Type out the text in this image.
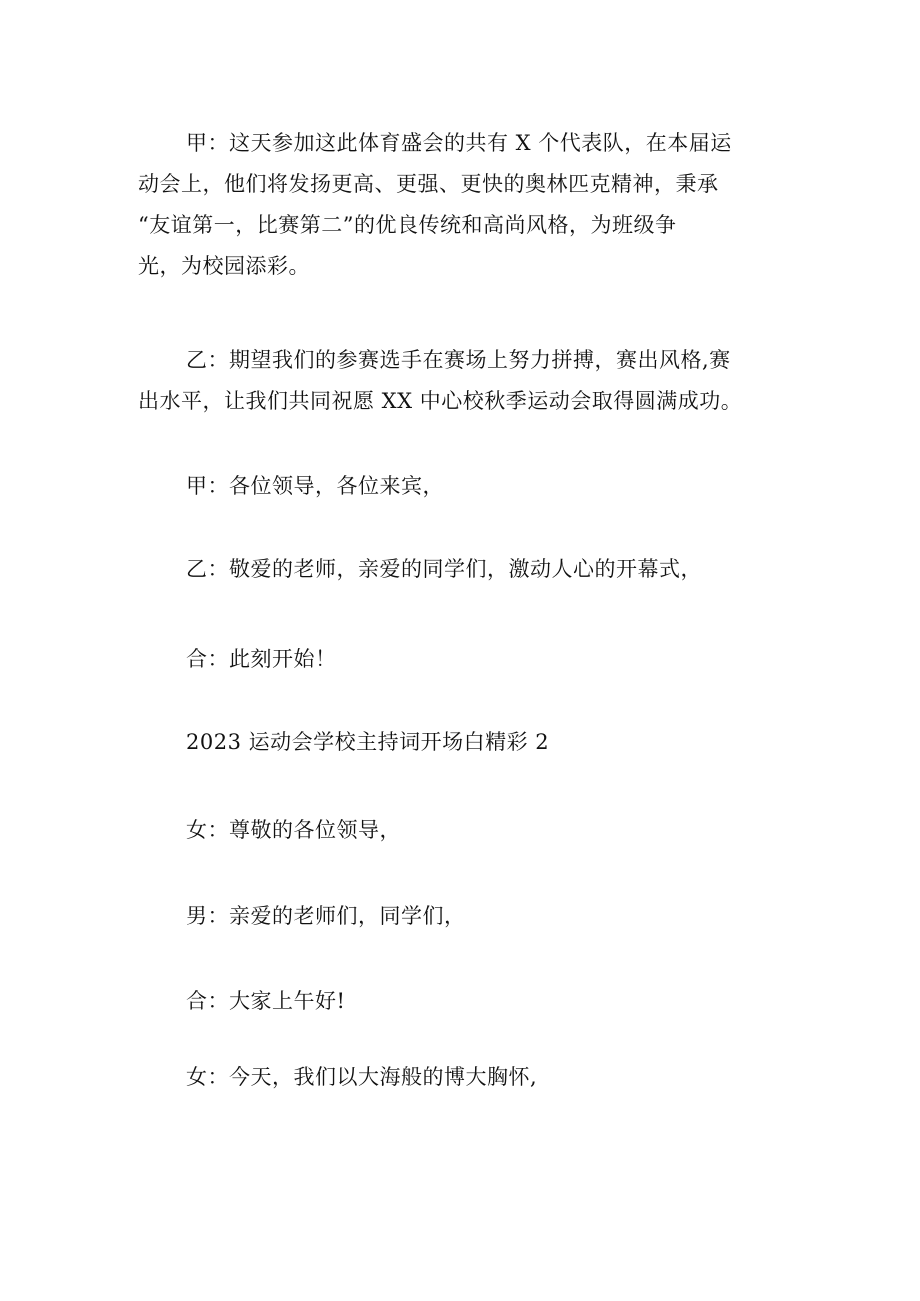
甲：这天参加这此体育盛会的共有 X 个代表队，在本届运
动会上，他们将发扬更高、更强、更快的奥林匹克精神，秉承
“友谊第一，比赛第二”的优良传统和高尚风格，为班级争
光，为校园添彩。

乙：期望我们的参赛选手在赛场上努力拼搏，赛出风格,赛
出水平，让我们共同祝愿 XX 中心校秋季运动会取得圆满成功。

甲：各位领导，各位来宾，

乙：敬爱的老师，亲爱的同学们，激动人心的开幕式，

合：此刻开始！

2023 运动会学校主持词开场白精彩 2

女：尊敬的各位领导，

男：亲爱的老师们，同学们，

合：大家上午好!

女：今天，我们以大海般的博大胸怀,
